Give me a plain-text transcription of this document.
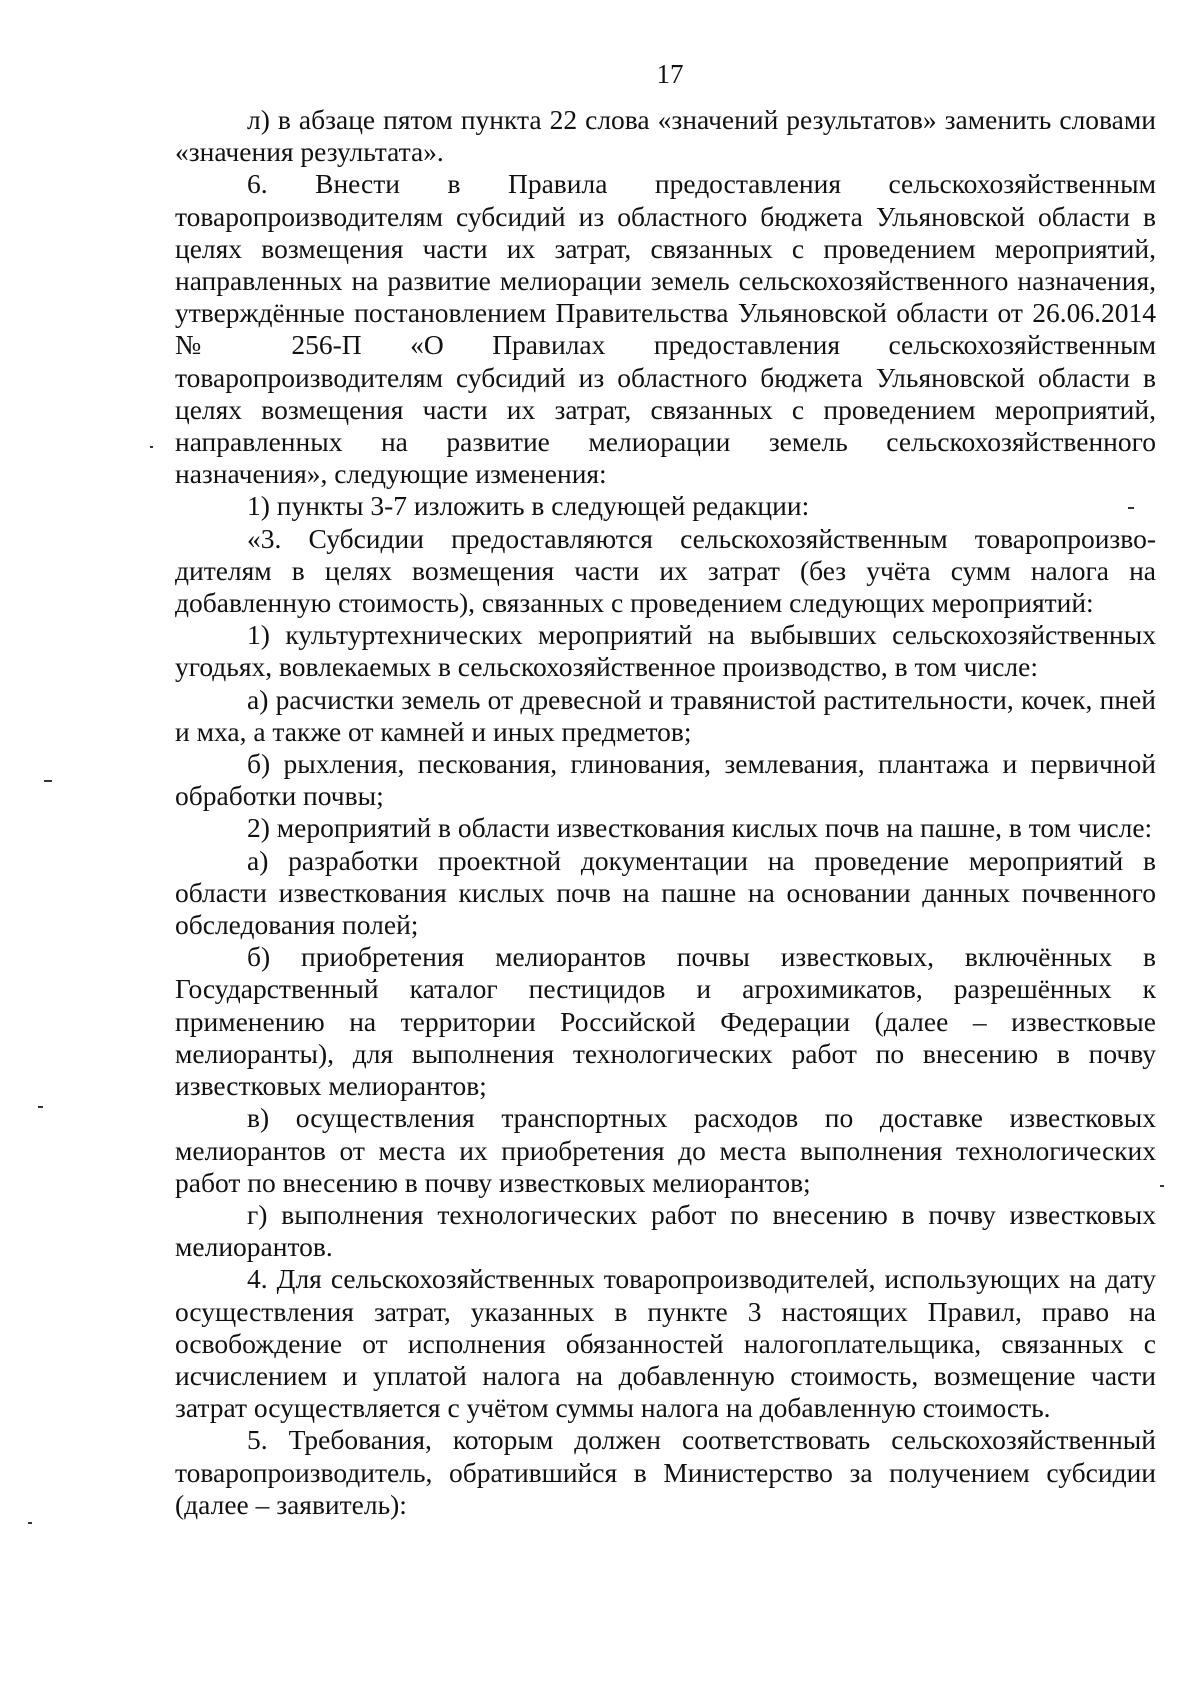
17

л) в абзаце пятом пункта 22 слова «значений результатов» заменить словами «значения результата».

6. Внести в Правила предоставления сельскохозяйственным товаропроизводителям субсидий из областного бюджета Ульяновской области в целях возмещения части их затрат, связанных с проведением мероприятий, направленных на развитие мелиорации земель сельскохозяйственного назначения, утверждённые постановлением Правительства Ульяновской области от 26.06.2014 № 256-П «О Правилах предоставления сельскохозяйственным товаропроизводителям субсидий из областного бюджета Ульяновской области в целях возмещения части их затрат, связанных с проведением мероприятий, направленных на развитие мелиорации земель сельскохозяйственного назначения», следующие изменения:

1) пункты 3-7 изложить в следующей редакции:

«3. Субсидии предоставляются сельскохозяйственным товаропроизво-дителям в целях возмещения части их затрат (без учёта сумм налога на добавленную стоимость), связанных с проведением следующих мероприятий:

1) культуртехнических мероприятий на выбывших сельскохозяйственных угодьях, вовлекаемых в сельскохозяйственное производство, в том числе:

а) расчистки земель от древесной и травянистой растительности, кочек, пней и мха, а также от камней и иных предметов;

б) рыхления, пескования, глинования, землевания, плантажа и первичной обработки почвы;

2) мероприятий в области известкования кислых почв на пашне, в том числе:

а) разработки проектной документации на проведение мероприятий в области известкования кислых почв на пашне на основании данных почвенного обследования полей;

б) приобретения мелиорантов почвы известковых, включённых в Государственный каталог пестицидов и агрохимикатов, разрешённых к применению на территории Российской Федерации (далее – известковые мелиоранты), для выполнения технологических работ по внесению в почву известковых мелиорантов;

в) осуществления транспортных расходов по доставке известковых мелиорантов от места их приобретения до места выполнения технологических работ по внесению в почву известковых мелиорантов;

г) выполнения технологических работ по внесению в почву известковых мелиорантов.

4. Для сельскохозяйственных товаропроизводителей, использующих на дату осуществления затрат, указанных в пункте 3 настоящих Правил, право на освобождение от исполнения обязанностей налогоплательщика, связанных с исчислением и уплатой налога на добавленную стоимость, возмещение части затрат осуществляется с учётом суммы налога на добавленную стоимость.

5. Требования, которым должен соответствовать сельскохозяйственный товаропроизводитель, обратившийся в Министерство за получением субсидии (далее – заявитель):
